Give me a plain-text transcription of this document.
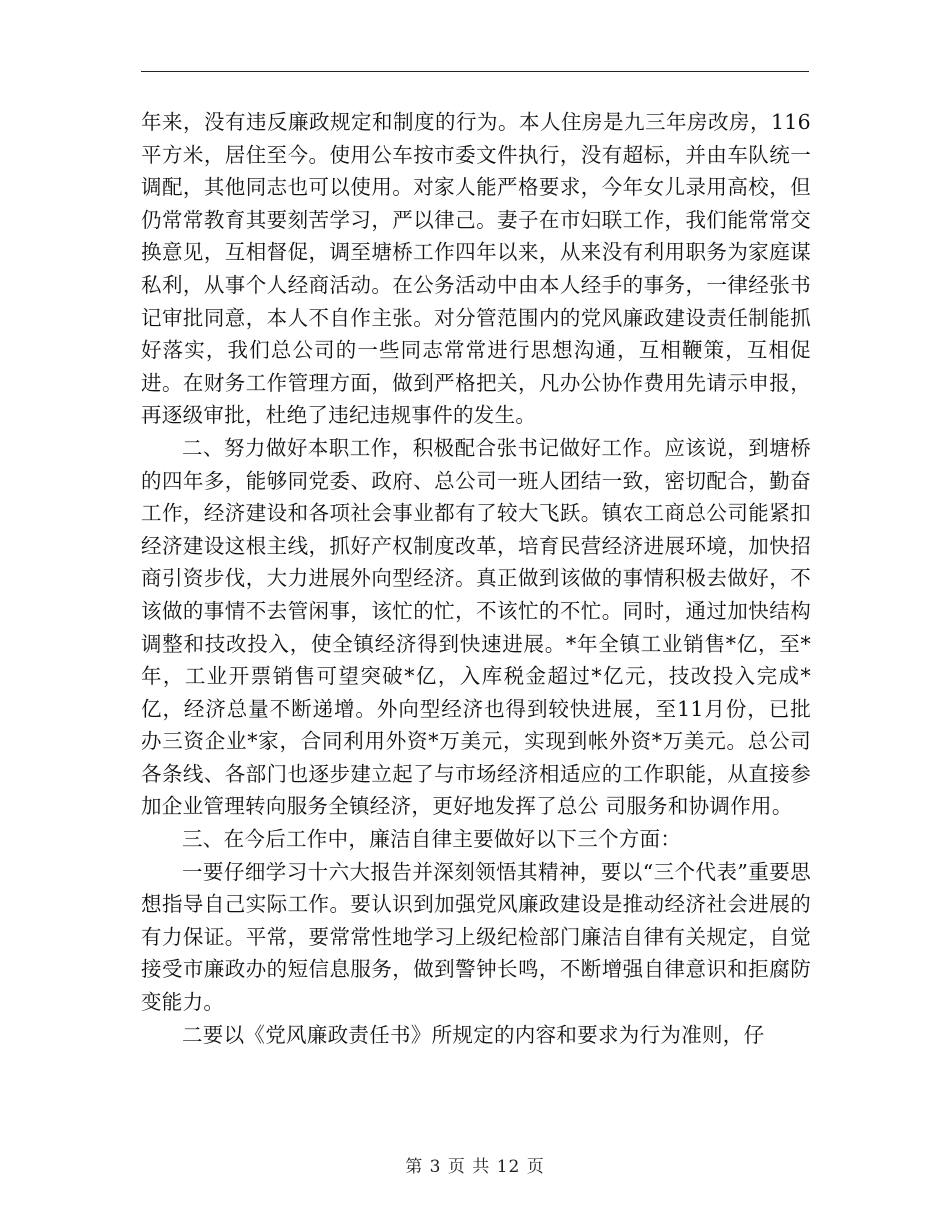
年来，没有违反廉政规定和制度的行为。本人住房是九三年房改房，116平方米，居住至今。使用公车按市委文件执行，没有超标，并由车队统一调配，其他同志也可以使用。对家人能严格要求，今年女儿录用高校，但仍常常教育其要刻苦学习，严以律己。妻子在市妇联工作，我们能常常交换意见，互相督促，调至塘桥工作四年以来，从来没有利用职务为家庭谋私利，从事个人经商活动。在公务活动中由本人经手的事务，一律经张书记审批同意，本人不自作主张。对分管范围内的党风廉政建设责任制能抓好落实，我们总公司的一些同志常常进行思想沟通，互相鞭策，互相促进。在财务工作管理方面，做到严格把关，凡办公协作费用先请示申报，再逐级审批，杜绝了违纪违规事件的发生。

二、努力做好本职工作，积极配合张书记做好工作。应该说，到塘桥的四年多，能够同党委、政府、总公司一班人团结一致，密切配合，勤奋工作，经济建设和各项社会事业都有了较大飞跃。镇农工商总公司能紧扣经济建设这根主线，抓好产权制度改革，培育民营经济进展环境，加快招商引资步伐，大力进展外向型经济。真正做到该做的事情积极去做好，不该做的事情不去管闲事，该忙的忙，不该忙的不忙。同时，通过加快结构调整和技改投入，使全镇经济得到快速进展。*年全镇工业销售*亿，至*年，工业开票销售可望突破*亿，入库税金超过*亿元，技改投入完成*亿，经济总量不断递增。外向型经济也得到较快进展，至11月份，已批办三资企业*家，合同利用外资*万美元，实现到帐外资*万美元。总公司各条线、各部门也逐步建立起了与市场经济相适应的工作职能，从直接参加企业管理转向服务全镇经济，更好地发挥了总公 司服务和协调作用。

三、在今后工作中，廉洁自律主要做好以下三个方面：

一要仔细学习十六大报告并深刻领悟其精神，要以“三个代表”重要思想指导自己实际工作。要认识到加强党风廉政建设是推动经济社会进展的有力保证。平常，要常常性地学习上级纪检部门廉洁自律有关规定，自觉接受市廉政办的短信息服务，做到警钟长鸣，不断增强自律意识和拒腐防变能力。

二要以《党风廉政责任书》所规定的内容和要求为行为准则，仔

第 3 页 共 12 页
